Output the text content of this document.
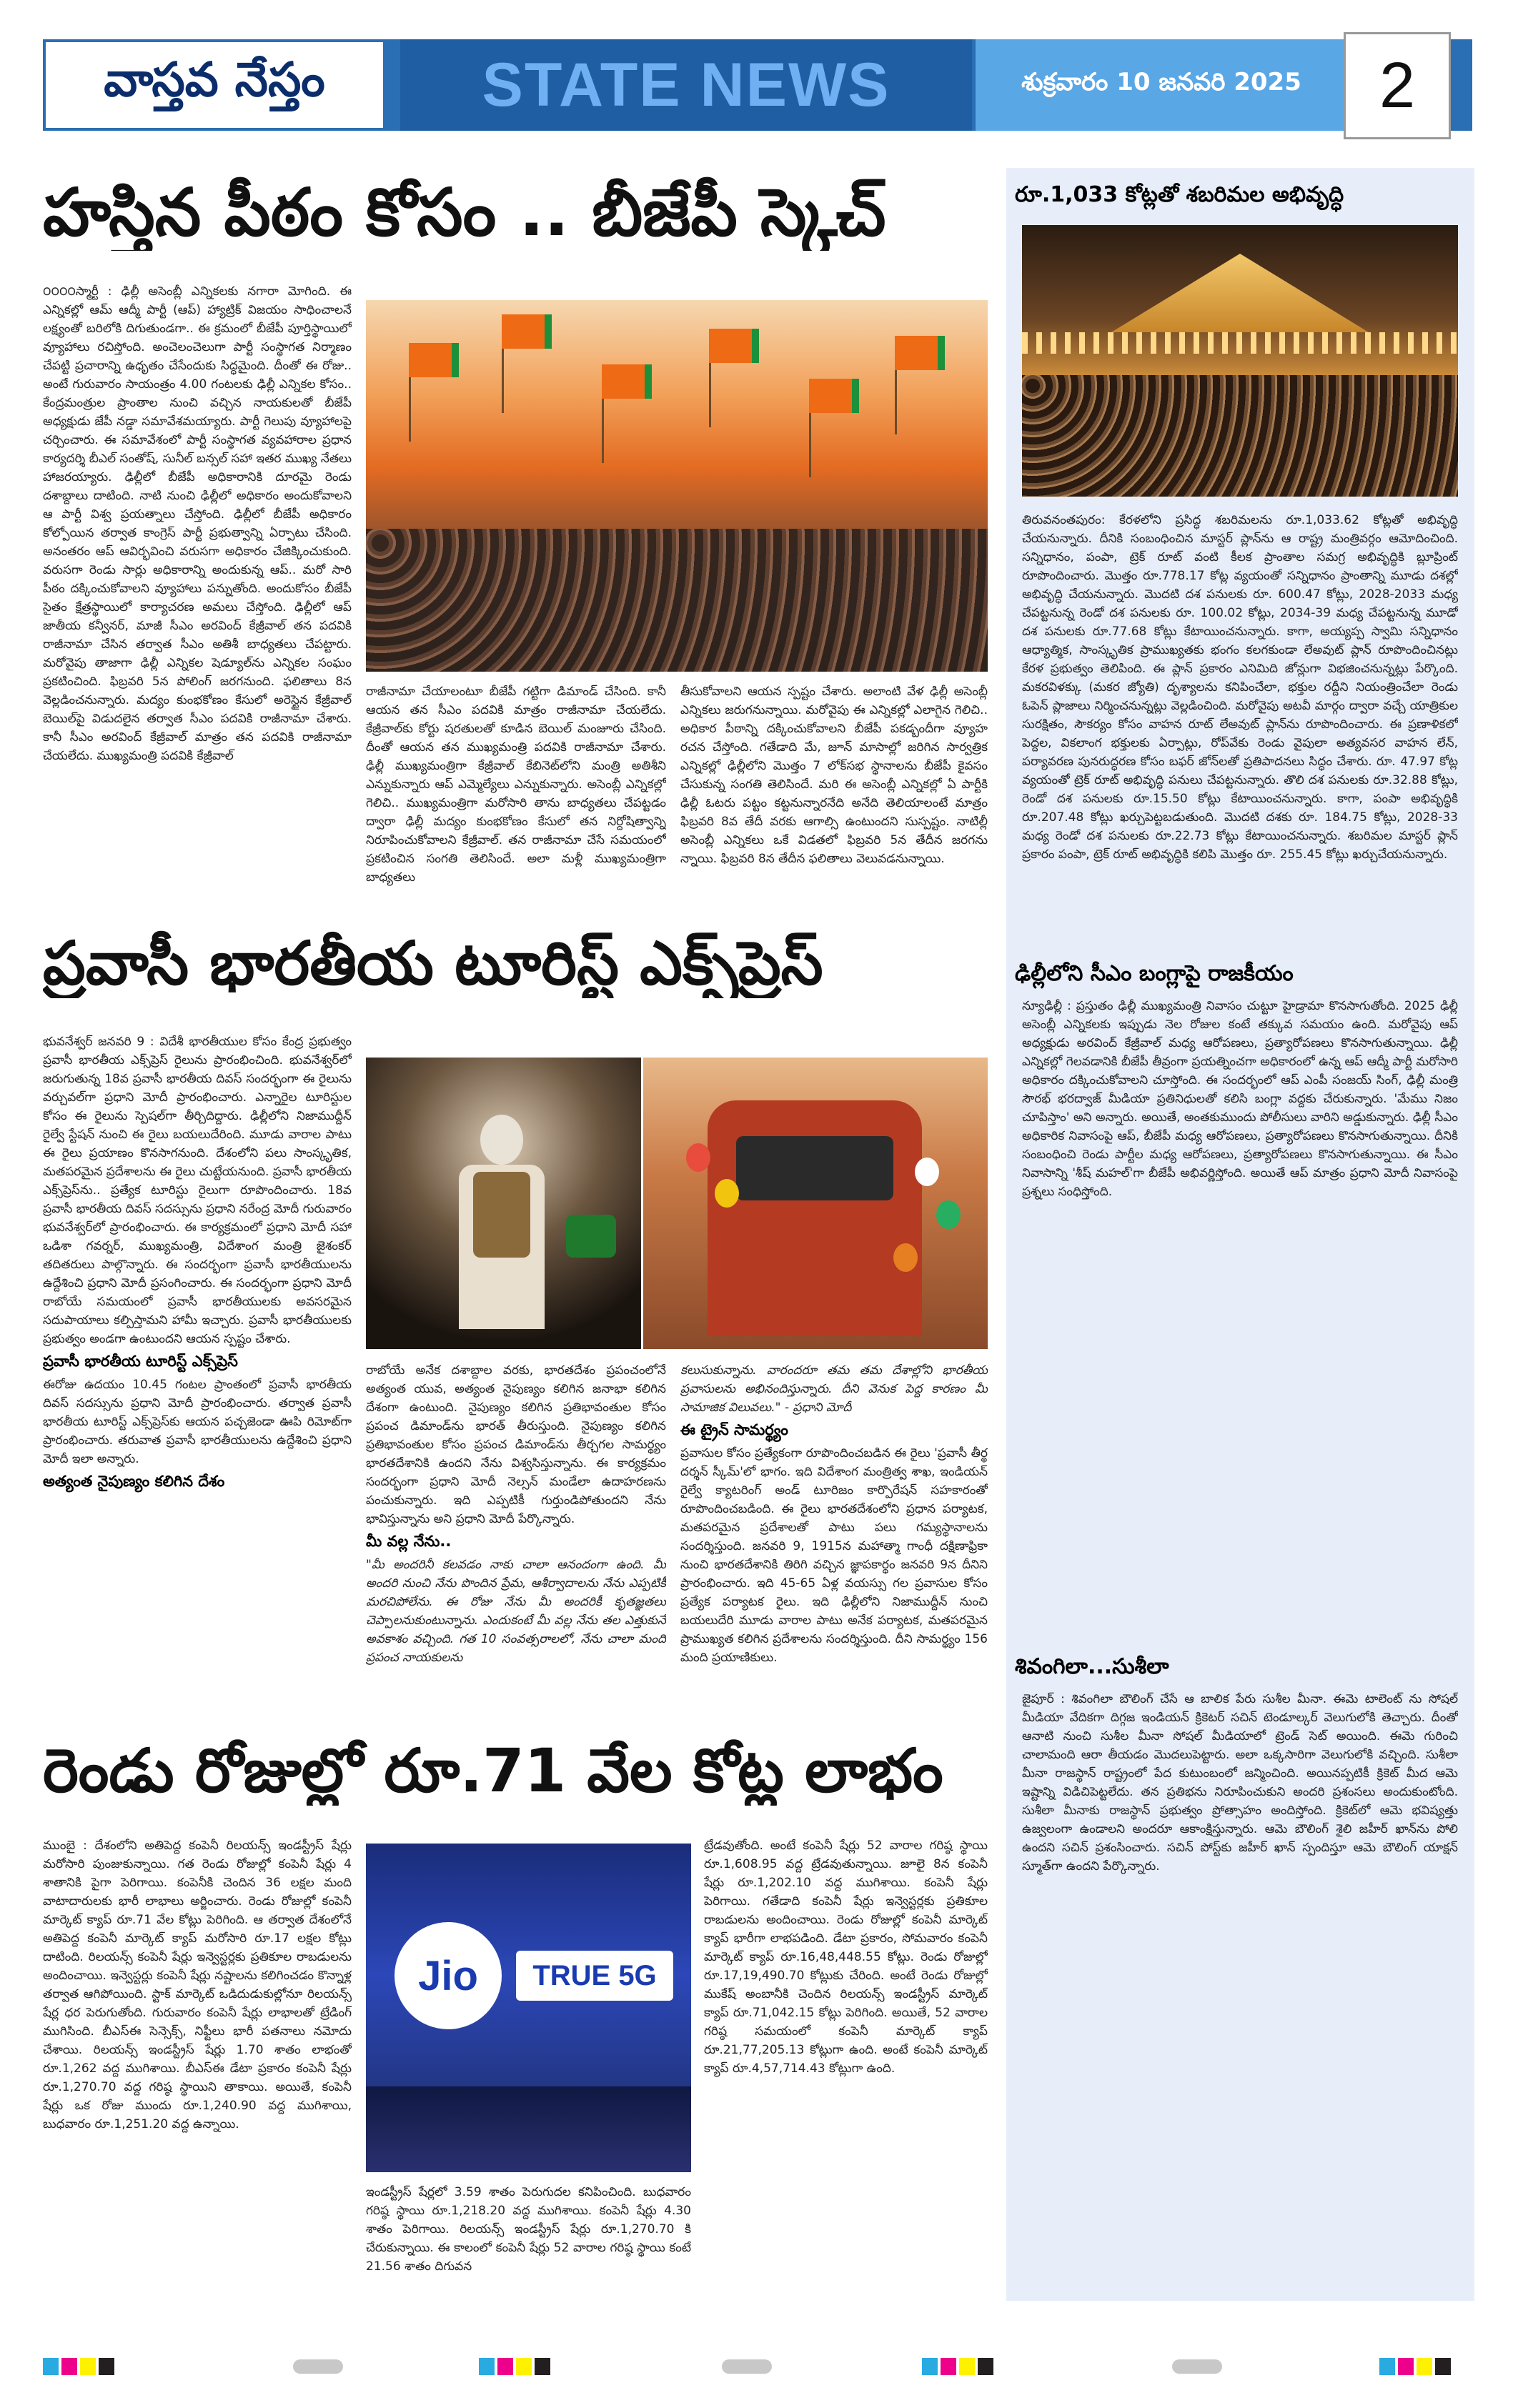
వాస్తవ నేస్తం	STATE NEWS	శుక్రవారం 10 జనవరి 2025 2
హస్తిన పీఠం కోసం .. బీజేపీ స్కెచ్
౦౦౦౦స్మార్టీ : ఢిల్లీ అసెంబ్లీ ఎన్నికలకు నగారా మోగింది. ఈ ఎన్నికల్లో ఆమ్ ఆద్మీ పార్టీ (ఆప్) హ్యాట్రిక్ విజయం సాధించాలనే లక్ష్యంతో బరిలోకి దిగుతుండగా.. ఈ క్రమంలో బీజేపీ పూర్తిస్థాయిలో వ్యూహాలు రచిస్తోంది. అంచెలంచెలుగా పార్టీ సంస్థాగత నిర్మాణం చేపట్టి ప్రచారాన్ని ఉధృతం చేసేందుకు సిద్ధమైంది. దీంతో ఈ రోజు.. అంటే గురువారం సాయంత్రం 4.00 గంటలకు ఢిల్లీ ఎన్నికల కోసం.. కేంద్రమంత్రుల ప్రాంతాల నుంచి వచ్చిన నాయకులతో బీజేపీ అధ్యక్షుడు జేపీ నడ్డా సమావేశమయ్యారు. పార్టీ గెలుపు వ్యూహాలపై చర్చించారు. ఈ సమావేశంలో పార్టీ సంస్థాగత వ్యవహారాల ప్రధాన కార్యదర్శి బీఎల్ సంతోష్, సునీల్ బన్సల్ సహా ఇతర ముఖ్య నేతలు హాజరయ్యారు. ఢిల్లీలో బీజేపీ అధికారానికి దూరమై రెండు దశాబ్దాలు దాటింది. నాటి నుంచి ఢిల్లీలో అధికారం అందుకోవాలని ఆ పార్టీ విశ్వ ప్రయత్నాలు చేస్తోంది. ఢిల్లీలో బీజేపీ అధికారం కోల్పోయిన తర్వాత కాంగ్రెస్ పార్టీ ప్రభుత్వాన్ని ఏర్పాటు చేసింది. అనంతరం ఆప్ ఆవిర్భవించి వరుసగా అధికారం చేజిక్కించుకుంది. వరుసగా రెండు సార్లు అధికారాన్ని అందుకున్న ఆప్.. మరో సారి పీఠం దక్కించుకోవాలని వ్యూహాలు పన్నుతోంది. అందుకోసం బీజేపీ సైతం క్షేత్రస్థాయిలో కార్యాచరణ అమలు చేస్తోంది. ఢిల్లీలో ఆప్ జాతీయ కన్వీనర్, మాజీ సీఎం అరవింద్ కేజ్రీవాల్ తన పదవికి రాజీనామా చేసిన తర్వాత సీఎం అతిశీ బాధ్యతలు చేపట్టారు. మరోవైపు తాజాగా ఢిల్లీ ఎన్నికల షెడ్యూల్‌ను ఎన్నికల సంఘం ప్రకటించింది. ఫిబ్రవరి 5న పోలింగ్ జరగనుంది. ఫలితాలు 8న వెల్లడించనున్నారు. మద్యం కుంభకోణం కేసులో అరెస్టైన కేజ్రీవాల్ బెయిల్‌పై విడుదలైన తర్వాత సీఎం పదవికి రాజీనామా చేశారు. కానీ సీఎం అరవింద్ కేజ్రీవాల్ మాత్రం తన పదవికి రాజీనామా చేయలేదు. ముఖ్యమంత్రి పదవికి కేజ్రీవాల్
రాజీనామా చేయాలంటూ బీజేపీ గట్టిగా డిమాండ్ చేసింది. కానీ ఆయన తన సీఎం పదవికి మాత్రం రాజీనామా చేయలేదు. కేజ్రీవాల్‌కు కోర్టు షరతులతో కూడిన బెయిల్ మంజూరు చేసింది. దీంతో ఆయన తన ముఖ్యమంత్రి పదవికి రాజీనామా చేశారు. ఢిల్లీ ముఖ్యమంత్రిగా కేజ్రీవాల్ కేబినెట్‌లోని మంత్రి అతిశీని ఎన్నుకున్నారు ఆప్ ఎమ్మెల్యేలు ఎన్నుకున్నారు. అసెంబ్లీ ఎన్నికల్లో గెలిచి.. ముఖ్యమంత్రిగా మరోసారి తాను బాధ్యతలు చేపట్టడం ద్వారా ఢిల్లీ మద్యం కుంభకోణం కేసులో తన నిర్దోషిత్వాన్ని నిరూపించుకోవాలని కేజ్రీవాల్. తన రాజీనామా చేసే సమయంలో ప్రకటించిన సంగతి తెలిసిందే. అలా మళ్లీ ముఖ్యమంత్రిగా బాధ్యతలు
తీసుకోవాలని ఆయన స్పష్టం చేశారు. అలాంటి వేళ ఢిల్లీ అసెంబ్లీ ఎన్నికలు జరుగనున్నాయి. మరోవైపు ఈ ఎన్నికల్లో ఎలాగైన గెలిచి.. అధికార పీఠాన్ని దక్కించుకోవాలని బీజేపీ పకడ్బందీగా వ్యూహ రచన చేస్తోంది. గతేడాది మే, జూన్ మాసాల్లో జరిగిన సార్వత్రిక ఎన్నికల్లో ఢిల్లీలోని మొత్తం 7 లోక్‌సభ స్థానాలను బీజేపీ కైవసం చేసుకున్న సంగతి తెలిసిందే. మరి ఈ అసెంబ్లీ ఎన్నికల్లో ఏ పార్టీకి ఢిల్లీ ఓటరు పట్టం కట్టనున్నారనేది అనేది తెలియాలంటే మాత్రం ఫిబ్రవరి 8వ తేదీ వరకు ఆగాల్సి ఉంటుందని సుస్పష్టం. నాటిల్లీ అసెంబ్లీ ఎన్నికలు ఒకే విడతలో ఫిబ్రవరి 5న తేదీన జరగను న్నాయి. ఫిబ్రవరి 8న తేదీన ఫలితాలు వెలువడనున్నాయి.
ప్రవాసీ భారతీయ టూరిస్ట్ ఎక్స్‌ప్రెస్
భువనేశ్వర్ జనవరి 9 : విదేశీ భారతీయుల కోసం కేంద్ర ప్రభుత్వం ప్రవాసీ భారతీయ ఎక్స్‌ప్రెస్ రైలును ప్రారంభించింది. భువనేశ్వర్‌లో జరుగుతున్న 18వ ప్రవాసీ భారతీయ దివస్ సందర్భంగా ఈ రైలును వర్చువల్‌గా ప్రధాని మోదీ ప్రారంభించారు. ఎన్నారైల టూరిస్టుల కోసం ఈ రైలును స్పెషల్‌గా తీర్చిదిద్దారు. ఢిల్లీలోని నిజాముద్దీన్ రైల్వే స్టేషన్ నుంచి ఈ రైలు బయలుదేరింది. మూడు వారాల పాటు ఈ రైలు ప్రయాణం కొనసాగనుంది. దేశంలోని పలు సాంస్కృతిక, మతపరమైన ప్రదేశాలను ఈ రైలు చుట్టేయనుంది. ప్రవాసీ భారతీయ ఎక్స్‌ప్రెస్‌ను.. ప్రత్యేక టూరిస్టు రైలుగా రూపొందించారు. 18వ ప్రవాసీ భారతీయ దివస్ సదస్సును ప్రధాని నరేంద్ర మోదీ గురువారం భువనేశ్వర్‌లో ప్రారంభించారు. ఈ కార్యక్రమంలో ప్రధాని మోదీ సహా ఒడిశా గవర్నర్, ముఖ్యమంత్రి, విదేశాంగ మంత్రి జైశంకర్ తదితరులు పాల్గొన్నారు. ఈ సందర్భంగా ప్రవాసీ భారతీయులను ఉద్దేశించి ప్రధాని మోదీ ప్రసంగించారు. ఈ సందర్భంగా ప్రధాని మోదీ రాబోయే సమయంలో ప్రవాసీ భారతీయులకు అవసరమైన సదుపాయాలు కల్పిస్తామని హామీ ఇచ్చారు. ప్రవాసీ భారతీయులకు ప్రభుత్వం అండగా ఉంటుందని ఆయన స్పష్టం చేశారు.
ప్రవాసీ భారతీయ టూరిస్ట్ ఎక్స్‌ప్రెస్
ఈరోజు ఉదయం 10.45 గంటల ప్రాంతంలో ప్రవాసీ భారతీయ దివస్ సదస్సును ప్రధాని మోదీ ప్రారంభించారు. తర్వాత ప్రవాసీ భారతీయ టూరిస్ట్ ఎక్స్‌ప్రెస్‌కు ఆయన పచ్చజెండా ఊపి రిమోట్‌గా ప్రారంభించారు. తరువాత ప్రవాసీ భారతీయులను ఉద్దేశించి ప్రధాని మోదీ ఇలా అన్నారు.
అత్యంత నైపుణ్యం కలిగిన దేశం
రాబోయే అనేక దశాబ్దాల వరకు, భారతదేశం ప్రపంచంలోనే అత్యంత యువ, అత్యంత నైపుణ్యం కలిగిన జనాభా కలిగిన దేశంగా ఉంటుంది. నైపుణ్యం కలిగిన ప్రతిభావంతుల కోసం ప్రపంచ డిమాండ్‌ను భారత్ తీరుస్తుంది. నైపుణ్యం కలిగిన ప్రతిభావంతుల కోసం ప్రపంచ డిమాండ్‌ను తీర్చగల సామర్థ్యం భారతదేశానికి ఉందని నేను విశ్వసిస్తున్నాను. ఈ కార్యక్రమం సందర్భంగా ప్రధాని మోదీ నెల్సన్ మండేలా ఉదాహరణను పంచుకున్నారు. ఇది ఎప్పటికీ గుర్తుండిపోతుందని నేను భావిస్తున్నాను అని ప్రధాని మోదీ పేర్కొన్నారు.
మీ వల్ల నేను..
"మీ అందరినీ కలవడం నాకు చాలా ఆనందంగా ఉంది. మీ అందరి నుంచి నేను పొందిన ప్రేమ, ఆశీర్వాదాలను నేను ఎప్పటికీ మరచిపోలేను. ఈ రోజు నేను మీ అందరికీ కృతజ్ఞతలు చెప్పాలనుకుంటున్నాను. ఎందుకంటే మీ వల్ల నేను తల ఎత్తుకునే అవకాశం వచ్చింది. గత 10 సంవత్సరాలలో, నేను చాలా మంది ప్రపంచ నాయకులను
కలుసుకున్నాను. వారందరూ తమ తమ దేశాల్లోని భారతీయ ప్రవాసులను అభినందిస్తున్నారు. దీని వెనుక పెద్ద కారణం మీ సామాజిక విలువలు." - ప్రధాని మోదీ
ఈ ట్రైన్ సామర్థ్యం
ప్రవాసుల కోసం ప్రత్యేకంగా రూపొందించబడిన ఈ రైలు 'ప్రవాసీ తీర్థ దర్శన్ స్కీమ్'లో భాగం. ఇది విదేశాంగ మంత్రిత్వ శాఖ, ఇండియన్ రైల్వే క్యాటరింగ్ అండ్ టూరిజం కార్పొరేషన్ సహకారంతో రూపొందించబడింది. ఈ రైలు భారతదేశంలోని ప్రధాన పర్యాటక, మతపరమైన ప్రదేశాలతో పాటు పలు గమ్యస్థానాలను సందర్శిస్తుంది. జనవరి 9, 1915న మహాత్మా గాంధీ దక్షిణాఫ్రికా నుంచి భారతదేశానికి తిరిగి వచ్చిన జ్ఞాపకార్థం జనవరి 9న దీనిని ప్రారంభించారు. ఇది 45-65 ఏళ్ల వయస్సు గల ప్రవాసుల కోసం ప్రత్యేక పర్యాటక రైలు. ఇది ఢిల్లీలోని నిజాముద్దీన్ నుంచి బయలుదేరి మూడు వారాల పాటు అనేక పర్యాటక, మతపరమైన ప్రాముఖ్యత కలిగిన ప్రదేశాలను సందర్శిస్తుంది. దీని సామర్థ్యం 156 మంది ప్రయాణికులు.
రెండు రోజుల్లో రూ.71 వేల కోట్ల లాభం
ముంబై : దేశంలోని అతిపెద్ద కంపెనీ రిలయన్స్ ఇండస్ట్రీస్ షేర్లు మరోసారి పుంజుకున్నాయి. గత రెండు రోజుల్లో కంపెనీ షేర్లు 4 శాతానికి పైగా పెరిగాయి. కంపెనీకి చెందిన 36 లక్షల మంది వాటాదారులకు భారీ లాభాలు అర్జించారు. రెండు రోజుల్లో కంపెనీ మార్కెట్ క్యాప్ రూ.71 వేల కోట్లు పెరిగింది. ఆ తర్వాత దేశంలోనే అతిపెద్ద కంపెనీ మార్కెట్ క్యాప్ మరోసారి రూ.17 లక్షల కోట్లు దాటింది. రిలయన్స్ కంపెనీ షేర్లు ఇన్వెస్టర్లకు ప్రతికూల రాబడులను అందించాయి. ఇన్వెస్టర్లు కంపెనీ షేర్లు నష్టాలను కలిగించడం కొన్నాళ్ల తర్వాత ఆగిపోయింది. స్టాక్ మార్కెట్ ఒడిదుడుకుల్లోనూ రిలయన్స్ షేర్ల ధర పెరుగుతోంది. గురువారం కంపెనీ షేర్లు లాభాలతో ట్రేడింగ్ ముగిసింది. బీఎస్ఈ సెన్సెక్స్, నిఫ్టీలు భారీ పతనాలు నమోదు చేశాయి. రిలయన్స్ ఇండస్ట్రీస్ షేర్లు 1.70 శాతం లాభంతో రూ.1,262 వద్ద ముగిశాయి. బీఎస్ఈ డేటా ప్రకారం కంపెనీ షేర్లు రూ.1,270.70 వద్ద గరిష్ఠ స్థాయిని తాకాయి. అయితే, కంపెనీ షేర్లు ఒక రోజు ముందు రూ.1,240.90 వద్ద ముగిశాయి, బుధవారం రూ.1,251.20 వద్ద ఉన్నాయి.
Jio TRUE 5G
ఇండస్ట్రీస్ షేర్లలో 3.59 శాతం పెరుగుదల కనిపించింది. బుధవారం గరిష్ఠ స్థాయి రూ.1,218.20 వద్ద ముగిశాయి. కంపెనీ షేర్లు 4.30 శాతం పెరిగాయి. రిలయన్స్ ఇండస్ట్రీస్ షేర్లు రూ.1,270.70 కి చేరుకున్నాయి. ఈ కాలంలో కంపెనీ షేర్లు 52 వారాల గరిష్ఠ స్థాయి కంటే 21.56 శాతం దిగువన
ట్రేడవుతోంది. అంటే కంపెనీ షేర్లు 52 వారాల గరిష్ఠ స్థాయి రూ.1,608.95 వద్ద ట్రేడవుతున్నాయి. జూలై 8న కంపెనీ షేర్లు రూ.1,202.10 వద్ద ముగిశాయి. కంపెనీ షేర్లు పెరిగాయి. గతేడాది కంపెనీ షేర్లు ఇన్వెస్టర్లకు ప్రతికూల రాబడులను అందించాయి. రెండు రోజుల్లో కంపెనీ మార్కెట్ క్యాప్ భారీగా లాభపడింది. డేటా ప్రకారం, సోమవారం కంపెనీ మార్కెట్ క్యాప్ రూ.16,48,448.55 కోట్లు. రెండు రోజుల్లో రూ.17,19,490.70 కోట్లుకు చేరింది. అంటే రెండు రోజుల్లో ముకేష్ అంబానీకి చెందిన రిలయన్స్ ఇండస్ట్రీస్ మార్కెట్ క్యాప్ రూ.71,042.15 కోట్లు పెరిగింది. అయితే, 52 వారాల గరిష్ఠ సమయంలో కంపెనీ మార్కెట్ క్యాప్ రూ.21,77,205.13 కోట్లుగా ఉంది. అంటే కంపెనీ మార్కెట్ క్యాప్ రూ.4,57,714.43 కోట్లుగా ఉంది.
రూ.1,033 కోట్లతో శబరిమల అభివృద్ధి
తిరువనంతపురం: కేరళలోని ప్రసిద్ధ శబరిమలను రూ.1,033.62 కోట్లతో అభివృద్ధి చేయనున్నారు. దీనికి సంబంధించిన మాస్టర్ ప్లాన్‌ను ఆ రాష్ట్ర మంత్రివర్గం ఆమోదించింది. సన్నిధానం, పంపా, ట్రెక్ రూట్ వంటి కీలక ప్రాంతాల సమగ్ర అభివృద్ధికి బ్లూప్రింట్ రూపొందించారు. మొత్తం రూ.778.17 కోట్ల వ్యయంతో సన్నిధానం ప్రాంతాన్ని మూడు దశల్లో అభివృద్ధి చేయనున్నారు. మొదటి దశ పనులకు రూ. 600.47 కోట్లు, 2028-2033 మధ్య చేపట్టనున్న రెండో దశ పనులకు రూ. 100.02 కోట్లు, 2034-39 మధ్య చేపట్టనున్న మూడో దశ పనులకు రూ.77.68 కోట్లు కేటాయించనున్నారు. కాగా, అయ్యప్ప స్వామి సన్నిధానం ఆధ్యాత్మిక, సాంస్కృతిక ప్రాముఖ్యతకు భంగం కలగకుండా లేఅవుట్ ప్లాన్ రూపొందించినట్లు కేరళ ప్రభుత్వం తెలిపింది. ఈ ప్లాన్ ప్రకారం ఎనిమిది జోన్లుగా విభజించనున్నట్లు పేర్కొంది. మకరవిళక్కు (మకర జ్యోతి) దృశ్యాలను కనిపించేలా, భక్తుల రద్దీని నియంత్రించేలా రెండు ఓపెన్ ప్లాజాలు నిర్మించనున్నట్లు వెల్లడించింది. మరోవైపు అటవీ మార్గం ద్వారా వచ్చే యాత్రికుల సురక్షితం, సౌకర్యం కోసం వాహన రూట్ లేఅవుట్ ప్లాన్‌ను రూపొందించారు. ఈ ప్రణాళికలో పెద్దల, వికలాంగ భక్తులకు ఏర్పాట్లు, రోప్‌వేకు రెండు వైపులా అత్యవసర వాహన లేన్, పర్యావరణ పునరుద్ధరణ కోసం బఫర్ జోన్‌లతో ప్రతిపాదనలు సిద్ధం చేశారు. రూ. 47.97 కోట్ల వ్యయంతో ట్రెక్ రూట్ అభివృద్ధి పనులు చేపట్టనున్నారు. తొలి దశ పనులకు రూ.32.88 కోట్లు, రెండో దశ పనులకు రూ.15.50 కోట్లు కేటాయించనున్నారు. కాగా, పంపా అభివృద్ధికి రూ.207.48 కోట్లు ఖర్చుపెట్టబడుతుంది. మొదటి దశకు రూ. 184.75 కోట్లు, 2028-33 మధ్య రెండో దశ పనులకు రూ.22.73 కోట్లు కేటాయించనున్నారు. శబరిమల మాస్టర్ ప్లాన్ ప్రకారం పంపా, ట్రెక్ రూట్ అభివృద్ధికి కలిపి మొత్తం రూ. 255.45 కోట్లు ఖర్చుచేయనున్నారు.
ఢిల్లీలోని సీఎం బంగ్లాపై రాజకీయం
న్యూఢిల్లీ : ప్రస్తుతం ఢిల్లీ ముఖ్యమంత్రి నివాసం చుట్టూ హైడ్రామా కొనసాగుతోంది. 2025 ఢిల్లీ అసెంబ్లీ ఎన్నికలకు ఇప్పుడు నెల రోజుల కంటే తక్కువ సమయం ఉంది. మరోవైపు ఆప్ అధ్యక్షుడు అరవింద్ కేజ్రీవాల్ మధ్య ఆరోపణలు, ప్రత్యారోపణలు కొనసాగుతున్నాయి. ఢిల్లీ ఎన్నికల్లో గెలవడానికి బీజేపీ తీవ్రంగా ప్రయత్నించగా అధికారంలో ఉన్న ఆప్ ఆద్మీ పార్టీ మరోసారి అధికారం దక్కించుకోవాలని చూస్తోంది. ఈ సందర్భంలో ఆప్ ఎంపీ సంజయ్ సింగ్, ఢిల్లీ మంత్రి సౌరభ్ భరద్వాజ్ మీడియా ప్రతినిధులతో కలిసి బంగ్లా వద్దకు చేరుకున్నారు. 'మేము నిజం చూపిస్తాం' అని అన్నారు. అయితే, అంతకుముందు పోలీసులు వారిని అడ్డుకున్నారు. ఢిల్లీ సీఎం అధికారిక నివాసంపై ఆప్, బీజేపీ మధ్య ఆరోపణలు, ప్రత్యారోపణలు కొనసాగుతున్నాయి. దీనికి సంబంధించి రెండు పార్టీల మధ్య ఆరోపణలు, ప్రత్యారోపణలు కొనసాగుతున్నాయి. ఈ సీఎం నివాసాన్ని 'శీష్ మహల్'గా బీజేపీ అభివర్ణిస్తోంది. అయితే ఆప్ మాత్రం ప్రధాని మోదీ నివాసంపై ప్రశ్నలు సంధిస్తోంది.
శివంగిలా...సుశీలా
జైపూర్ : శివంగిలా బౌలింగ్ చేసే ఆ బాలిక పేరు సుశీల మీనా. ఈమె టాలెంట్ ను సోషల్ మీడియా వేదికగా దిగ్గజ ఇండియన్ క్రికెటర్ సచిన్ టెండూల్కర్ వెలుగులోకి తెచ్చారు. దీంతో ఆనాటి నుంచి సుశీల మీనా సోషల్ మీడియాలో ట్రెండ్ సెట్ అయింది. ఈమె గురించి చాలామంది ఆరా తీయడం మొదలుపెట్టారు. అలా ఒక్కసారిగా వెలుగులోకి వచ్చింది. సుశీలా మీనా రాజస్థాన్ రాష్ట్రంలో పేద కుటుంబంలో జన్మించింది. అయినప్పటికీ క్రికెట్ మీద ఆమె ఇష్టాన్ని విడిచిపెట్టలేదు. తన ప్రతిభను నిరూపించుకుని అందరి ప్రశంసలు అందుకుంటోంది. సుశీలా మీనాకు రాజస్థాన్ ప్రభుత్వం ప్రోత్సాహం అందిస్తోంది. క్రికెట్‌లో ఆమె భవిష్యత్తు ఉజ్వలంగా ఉండాలని అందరూ ఆకాంక్షిస్తున్నారు. ఆమె బౌలింగ్ శైలి జహీర్ ఖాన్‌ను పోలి ఉందని సచిన్ ప్రశంసించారు. సచిన్ పోస్ట్‌కు జహీర్ ఖాన్ స్పందిస్తూ ఆమె బౌలింగ్ యాక్షన్ స్మూత్‌గా ఉందని పేర్కొన్నారు.
